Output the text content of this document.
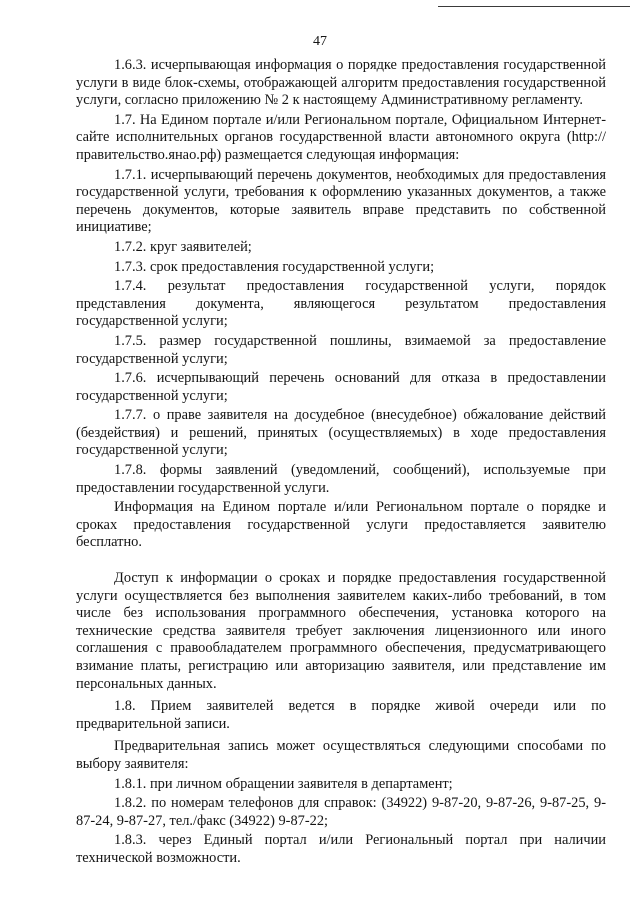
47

1.6.3. исчерпывающая информация о порядке предоставления государственной услуги в виде блок-схемы, отображающей алгоритм предоставления государственной услуги, согласно приложению № 2 к настоящему Административному регламенту.

1.7. На Едином портале и/или Региональном портале, Официальном Интернет-сайте исполнительных органов государственной власти автономного округа (http://правительство.янао.рф) размещается следующая информация:

1.7.1. исчерпывающий перечень документов, необходимых для предоставления государственной услуги, требования к оформлению указанных документов, а также перечень документов, которые заявитель вправе представить по собственной инициативе;

1.7.2. круг заявителей;

1.7.3. срок предоставления государственной услуги;

1.7.4. результат предоставления государственной услуги, порядок представления документа, являющегося результатом предоставления государственной услуги;

1.7.5. размер государственной пошлины, взимаемой за предоставление государственной услуги;

1.7.6. исчерпывающий перечень оснований для отказа в предоставлении государственной услуги;

1.7.7. о праве заявителя на досудебное (внесудебное) обжалование действий (бездействия) и решений, принятых (осуществляемых) в ходе предоставления государственной услуги;

1.7.8. формы заявлений (уведомлений, сообщений), используемые при предоставлении государственной услуги.

Информация на Едином портале и/или Региональном портале о порядке и сроках предоставления государственной услуги предоставляется заявителю бесплатно.

Доступ к информации о сроках и порядке предоставления государственной услуги осуществляется без выполнения заявителем каких-либо требований, в том числе без использования программного обеспечения, установка которого на технические средства заявителя требует заключения лицензионного или иного соглашения с правообладателем программного обеспечения, предусматривающего взимание платы, регистрацию или авторизацию заявителя, или представление им персональных данных.

1.8. Прием заявителей ведется в порядке живой очереди или по предварительной записи.

Предварительная запись может осуществляться следующими способами по выбору заявителя:

1.8.1. при личном обращении заявителя в департамент;

1.8.2. по номерам телефонов для справок: (34922) 9-87-20, 9-87-26, 9-87-25, 9-87-24, 9-87-27, тел./факс (34922) 9-87-22;

1.8.3. через Единый портал и/или Региональный портал при наличии технической возможности.
